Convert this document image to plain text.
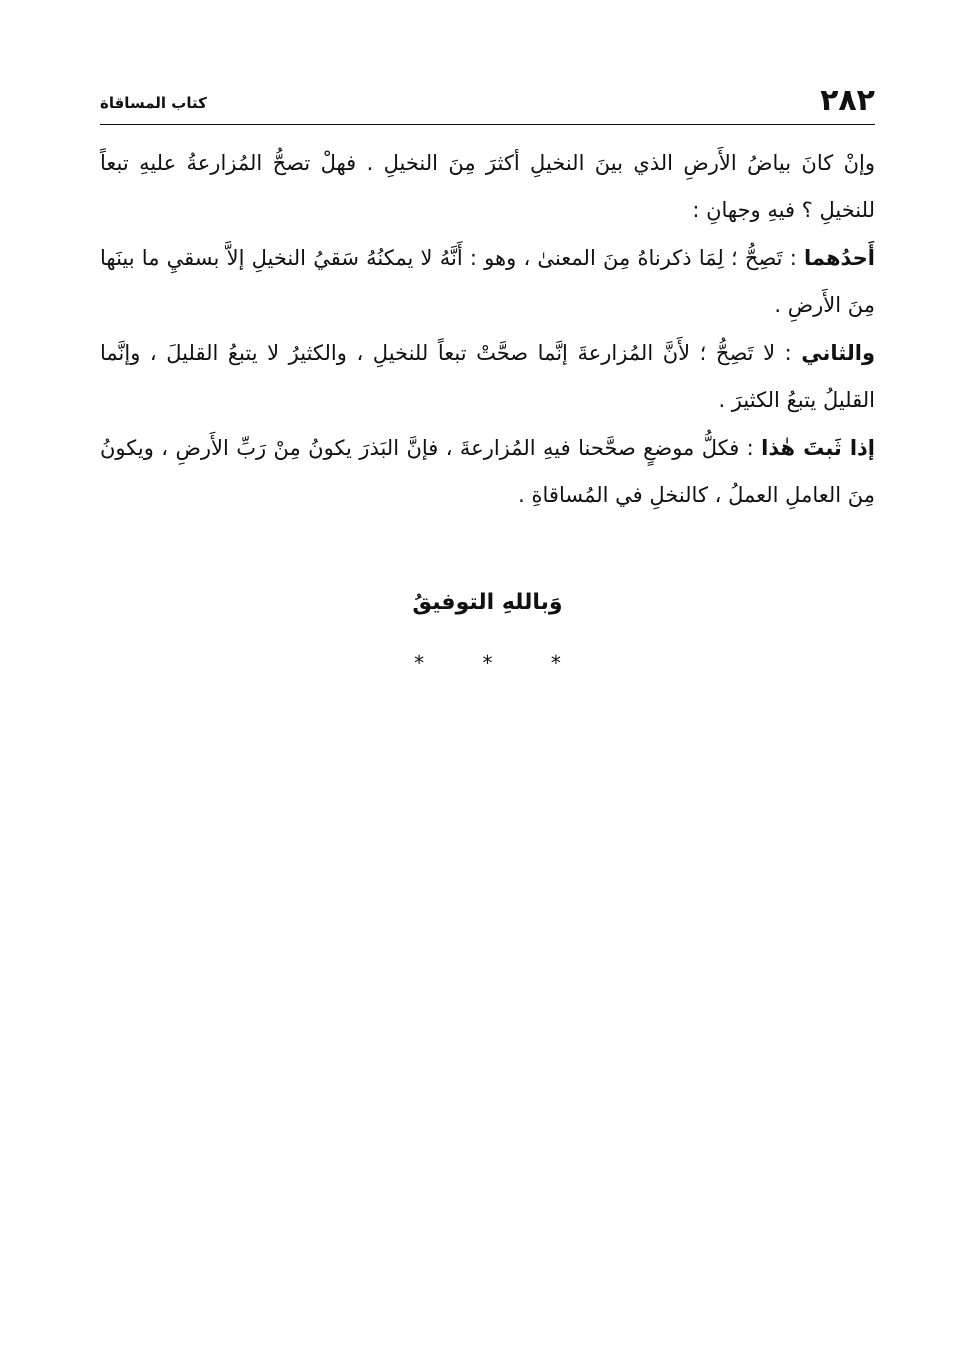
٢٨٢
كتاب المساقاة

وإنْ كانَ بياضُ الأَرضِ الذي بينَ النخيلِ أكثرَ مِنَ النخيلِ . فهلْ تصحُّ المُزارعةُ عليهِ تبعاً للنخيلِ ؟ فيهِ وجهانِ :

أَحدُهما : تَصِحُّ ؛ لِمَا ذكرناهُ مِنَ المعنىٰ ، وهو : أَنَّهُ لا يمكنُهُ سَقيُ النخيلِ إلاَّ بسقيِ ما بينَها مِنَ الأَرضِ .

والثاني : لا تَصِحُّ ؛ لأَنَّ المُزارعةَ إنَّما صحَّتْ تبعاً للنخيلِ ، والكثيرُ لا يتبعُ القليلَ ، وإنَّما القليلُ يتبعُ الكثيرَ .

إذا ثَبتَ هٰذا : فكلُّ موضعٍ صحَّحنا فيهِ المُزارعةَ ، فإنَّ البَذرَ يكونُ مِنْ رَبِّ الأَرضِ ، ويكونُ مِنَ العاملِ العملُ ، كالنخلِ في المُساقاةِ .

وَباللهِ التوفيقُ
* * *
